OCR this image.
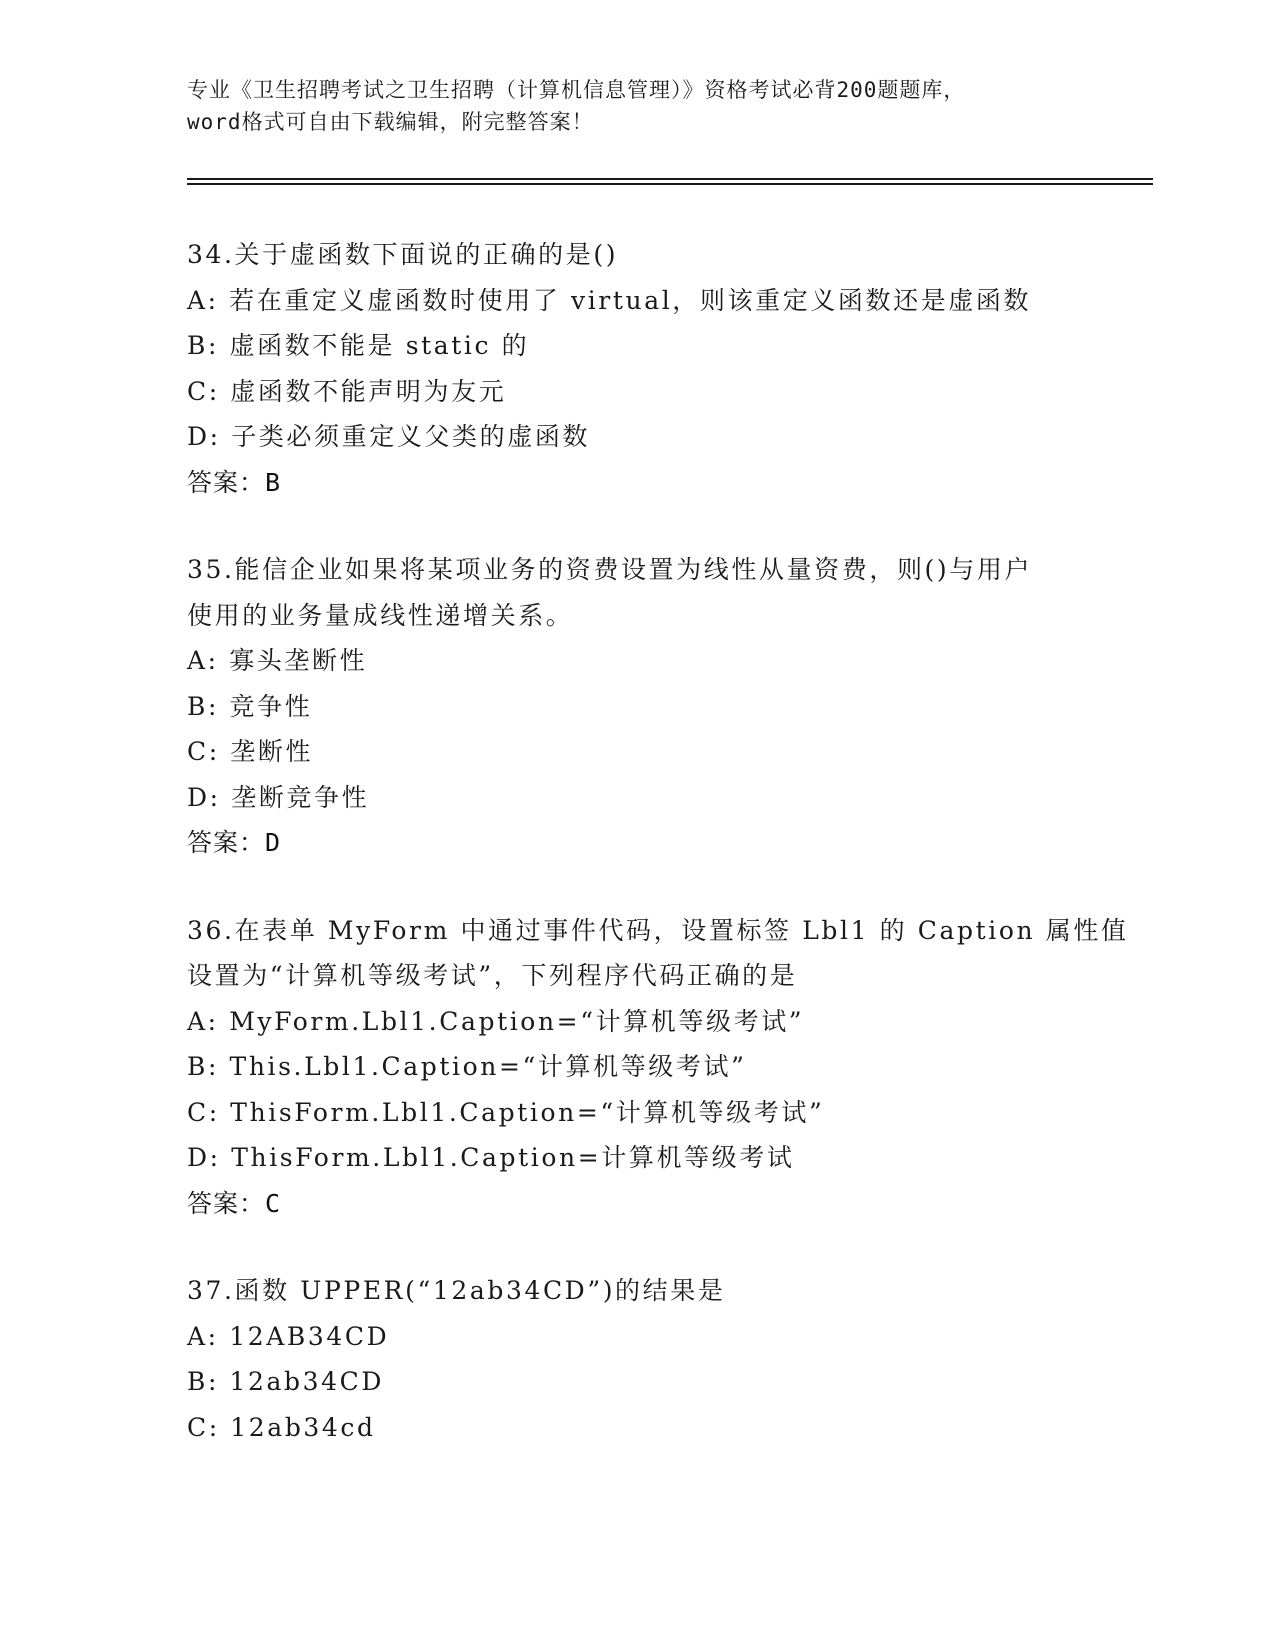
专业《卫生招聘考试之卫生招聘（计算机信息管理）》资格考试必背200题题库，
word格式可自由下载编辑，附完整答案！
34.关于虚函数下面说的正确的是()
A: 若在重定义虚函数时使用了 virtual，则该重定义函数还是虚函数
B: 虚函数不能是 static 的
C: 虚函数不能声明为友元
D: 子类必须重定义父类的虚函数
答案：B
35.能信企业如果将某项业务的资费设置为线性从量资费，则()与用户
使用的业务量成线性递增关系。
A: 寡头垄断性
B: 竞争性
C: 垄断性
D: 垄断竞争性
答案：D
36.在表单 MyForm 中通过事件代码，设置标签 Lbl1 的 Caption 属性值
设置为“计算机等级考试”，下列程序代码正确的是
A: MyForm.Lbl1.Caption=“计算机等级考试”
B: This.Lbl1.Caption=“计算机等级考试”
C: ThisForm.Lbl1.Caption=“计算机等级考试”
D: ThisForm.Lbl1.Caption=计算机等级考试
答案：C
37.函数 UPPER(“12ab34CD”)的结果是
A: 12AB34CD
B: 12ab34CD
C: 12ab34cd
